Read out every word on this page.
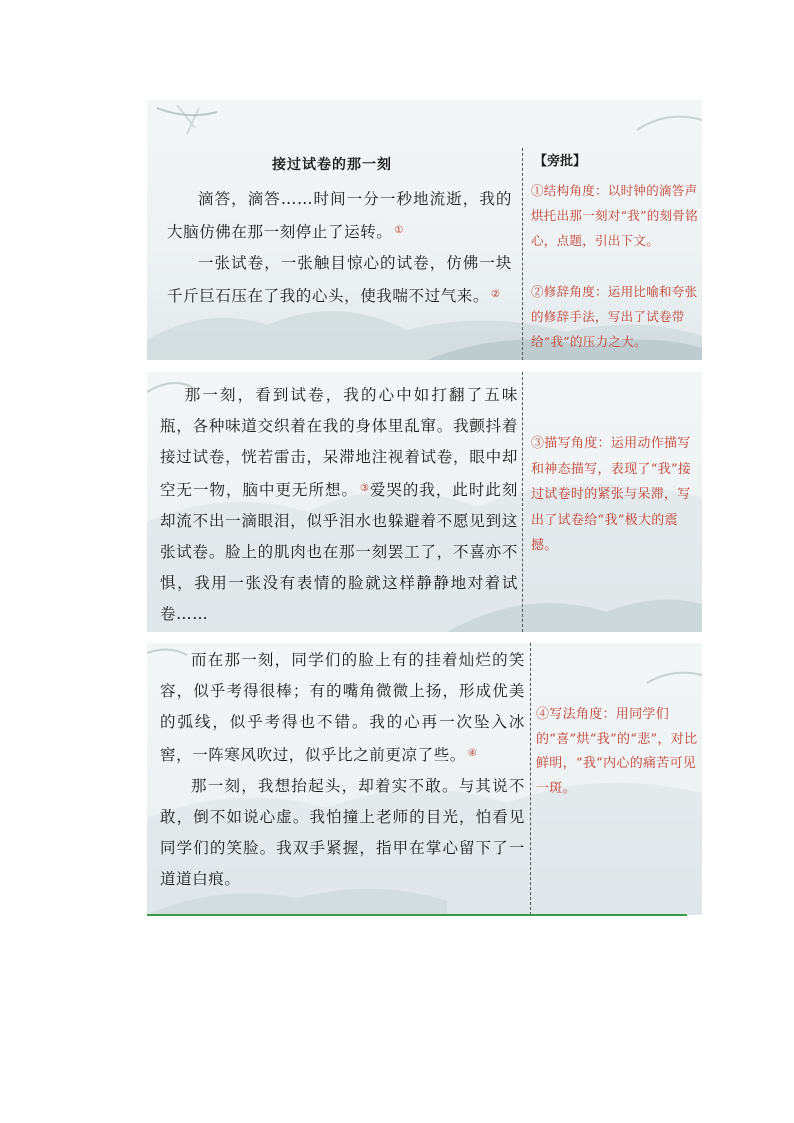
接过试卷的那一刻	【旁批】

滴答，滴答……时间一分一秒地流逝，我的大脑仿佛在那一刻停止了运转。 ①

一张试卷，一张触目惊心的试卷，仿佛一块千斤巨石压在了我的心头，使我喘不过气来。 ②

①结构角度：以时钟的滴答声烘托出那一刻对“我”的刻骨铭心，点题，引出下文。

②修辞角度：运用比喻和夸张的修辞手法，写出了试卷带给“我”的压力之大。

那一刻，看到试卷，我的心中如打翻了五味瓶，各种味道交织着在我的身体里乱窜。我颤抖着接过试卷，恍若雷击，呆滞地注视着试卷，眼中却空无一物，脑中更无所想。 ③爱哭的我，此时此刻却流不出一滴眼泪，似乎泪水也躲避着不愿见到这张试卷。脸上的肌肉也在那一刻罢工了，不喜亦不惧，我用一张没有表情的脸就这样静静地对着试卷……

③描写角度：运用动作描写和神态描写，表现了“我”接过试卷时的紧张与呆滞，写出了试卷给“我”极大的震撼。

而在那一刻，同学们的脸上有的挂着灿烂的笑容，似乎考得很棒；有的嘴角微微上扬，形成优美的弧线，似乎考得也不错。我的心再一次坠入冰窖，一阵寒风吹过，似乎比之前更凉了些。 ④

那一刻，我想抬起头，却着实不敢。与其说不敢，倒不如说心虚。我怕撞上老师的目光，怕看见同学们的笑脸。我双手紧握，指甲在掌心留下了一道道白痕。

④写法角度：用同学们的“喜”烘“我”的“悲”，对比鲜明，“我”内心的痛苦可见一斑。
